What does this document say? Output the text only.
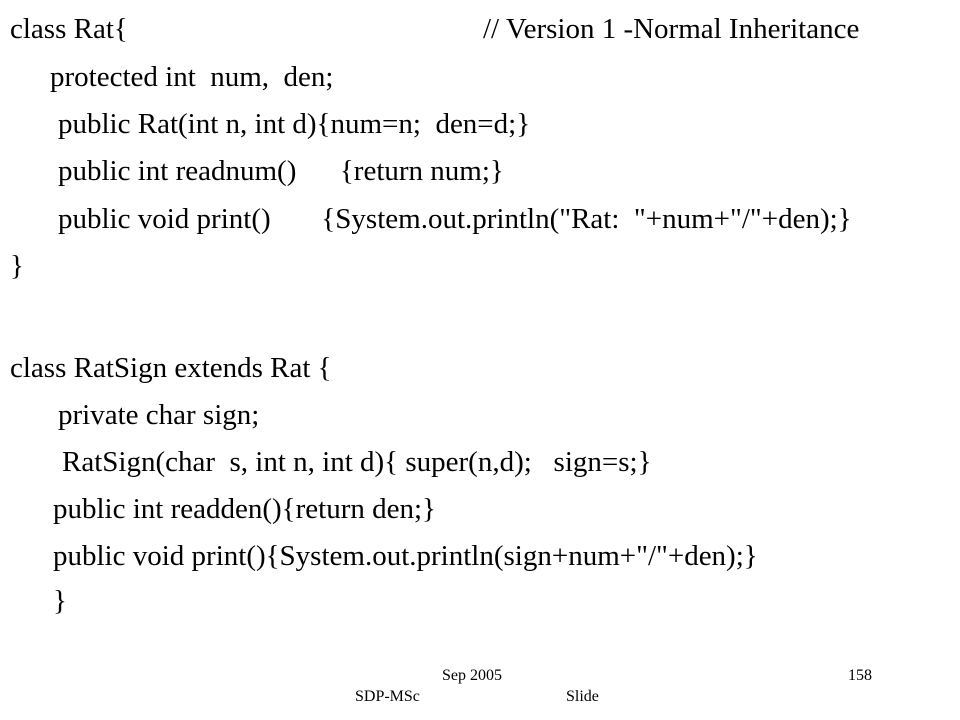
class Rat{	// Version 1 -Normal Inheritance
protected int  num,  den;
public Rat(int n, int d){num=n;  den=d;}
public int readnum()      {return num;}
public void print()       {System.out.println("Rat:  "+num+"/"+den);}
}
class RatSign extends Rat {
private char sign;
RatSign(char  s, int n, int d){ super(n,d);   sign=s;}
public int readden(){return den;}
public void print(){System.out.println(sign+num+"/"+den);}
}
Sep 2005	158
SDP-MSc	Slide
